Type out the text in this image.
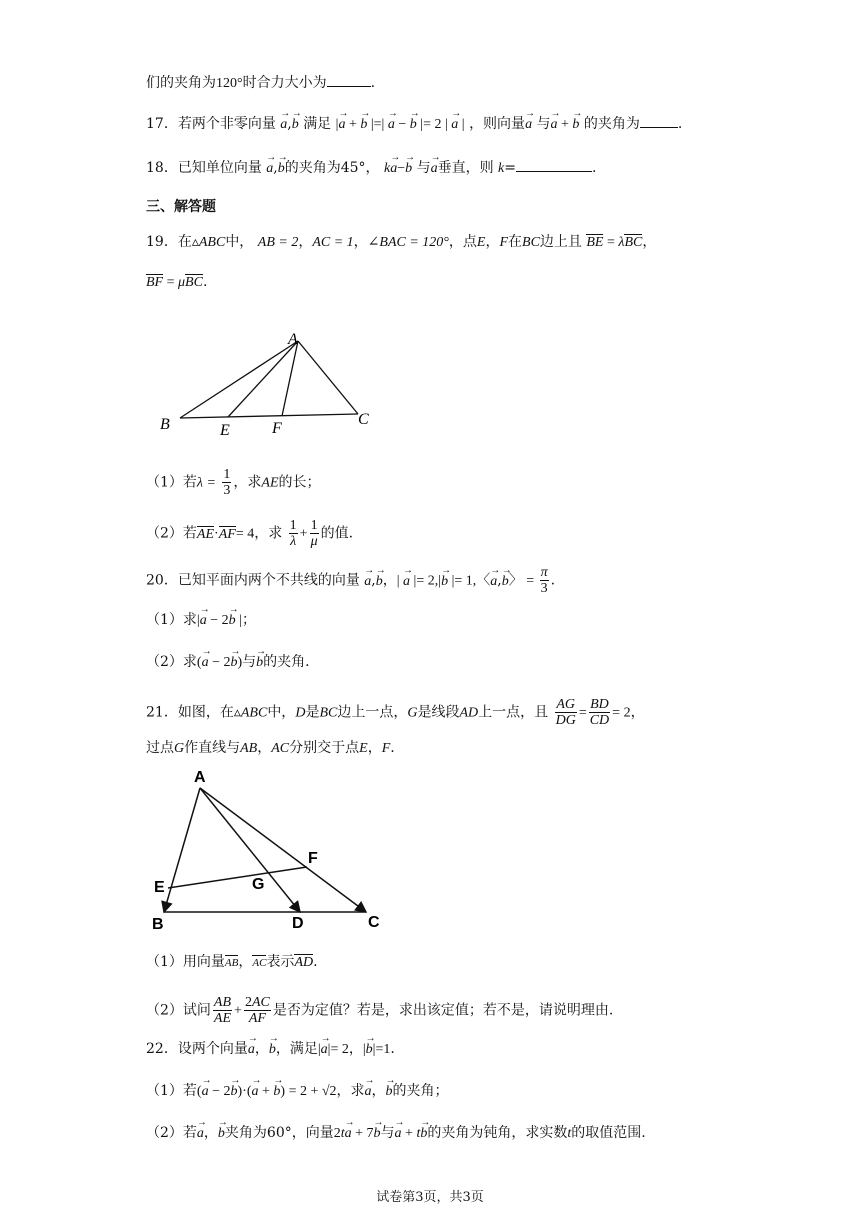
们的夹角为120°时合力大小为	.
17．若两个非零向量 → a,→ b 满足 |→ a + → b |=| → a − → b |= 2 | → a | ，则向量→ a 与→ a + → b 的夹角为	.
18．已知单位向量 → a,→ b的夹角为45°， k→ a−→ b 与→ a垂直，则 k=	.
三、解答题
19．在▵ABC中， AB = 2，AC = 1，∠BAC = 120°，点E，F在BC边上且 BE = λBC，
BF = μBC.
A
B	C
E	F
（1）若$\lambda = \frac{1}{3}$ ，求AE的长；
（2）若AE·AF= 4，求 $\frac{1}{\lambda} + \frac{1}{\mu}$ 的值.
20．已知平面内两个不共线的向量 → a,→ b，| → a |= 2,|→ b |= 1,〈→ a,→ b〉 = $\frac{\pi}{3}$ .
（1）求|→ a − 2→ b |；
（2）求(→ a − 2→ b)与→ b的夹角.
21．如图，在▵ABC中，D是BC边上一点，G是线段AD上一点，且 $\frac{AG}{DG} = \frac{BD}{CD} = 2$，
过点G作直线与AB，AC分别交于点E，F.
A
B	C
D
E
F
G
（1）用向量AB，AC表示AD.
（2）试问 $\frac{AB}{AE} + \frac{2AC}{AF}$ 是否为定值？若是，求出该定值；若不是，请说明理由.
22．设两个向量→ a，→ b，满足|→ a|= 2，|→ b|=1.
（1）若(→ a − 2→ b)·(→ a + → b) = 2 + √2，求→ a，→ b的夹角；
（2）若→ a，→ b夹角为60°，向量2t→ a + 7→ b与→ a + t→ b的夹角为钝角，求实数t的取值范围.
试卷第3页，共3页
